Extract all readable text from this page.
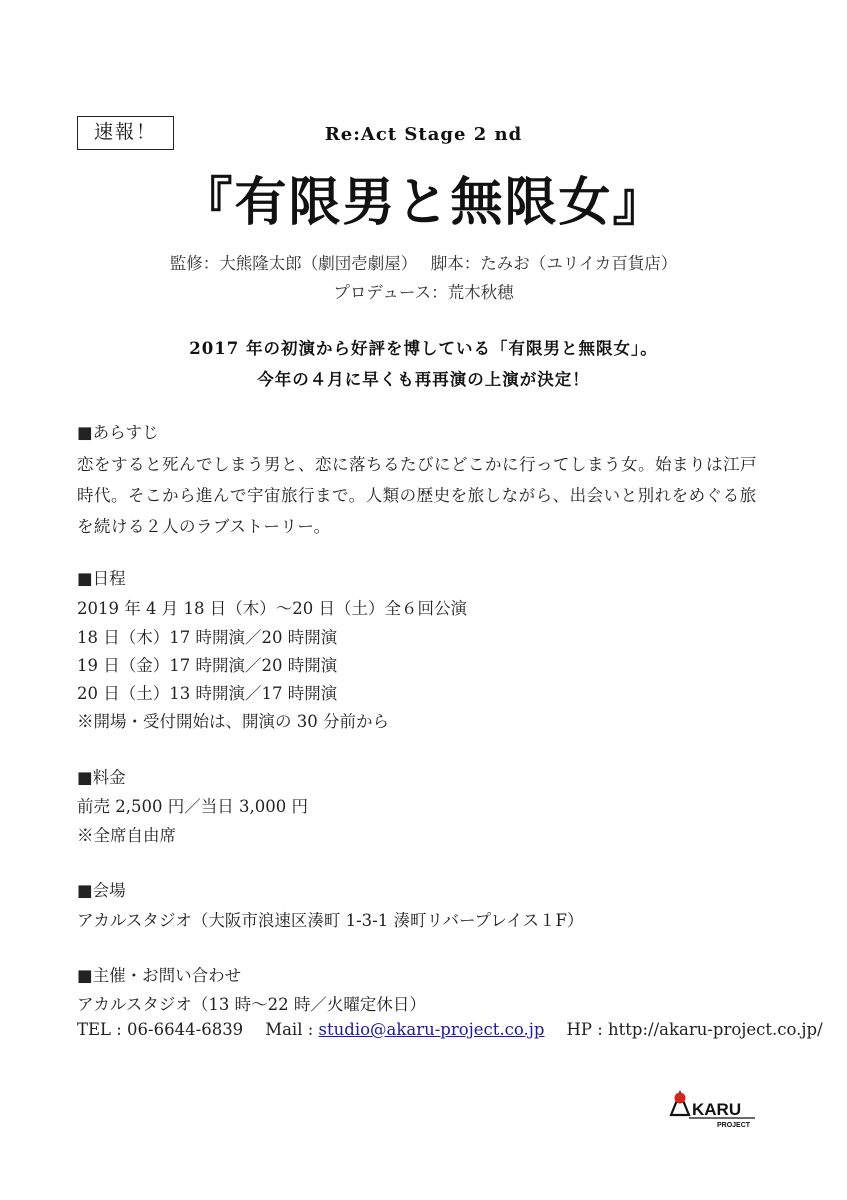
速報！	Re:Act Stage 2 nd
『有限男と無限女』
監修：大熊隆太郎（劇団壱劇屋）　 脚本：たみお（ユリイカ百貨店）
プロデュース：荒木秋穂
2017 年の初演から好評を博している「有限男と無限女」。
今年の４月に早くも再再演の上演が決定！
■あらすじ
恋をすると死んでしまう男と、恋に落ちるたびにどこかに行ってしまう女。始まりは江戸時代。そこから進んで宇宙旅行まで。人類の歴史を旅しながら、出会いと別れをめぐる旅を続ける２人のラブストーリー。
■日程
2019 年 4 月 18 日（木）〜20 日（土）全６回公演
18 日（木）17 時開演／20 時開演
19 日（金）17 時開演／20 時開演
20 日（土）13 時開演／17 時開演
※開場・受付開始は、開演の 30 分前から
■料金
前売 2,500 円／当日 3,000 円
※全席自由席
■会場
アカルスタジオ（大阪市浪速区湊町 1-3-1 湊町リバープレイス１F）
■主催・お問い合わせ
アカルスタジオ（13 時〜22 時／火曜定休日）
TEL : 06-6644-6839 Mail : studio@akaru-project.co.jp HP : http://akaru-project.co.jp/
KARU
PROJECT
